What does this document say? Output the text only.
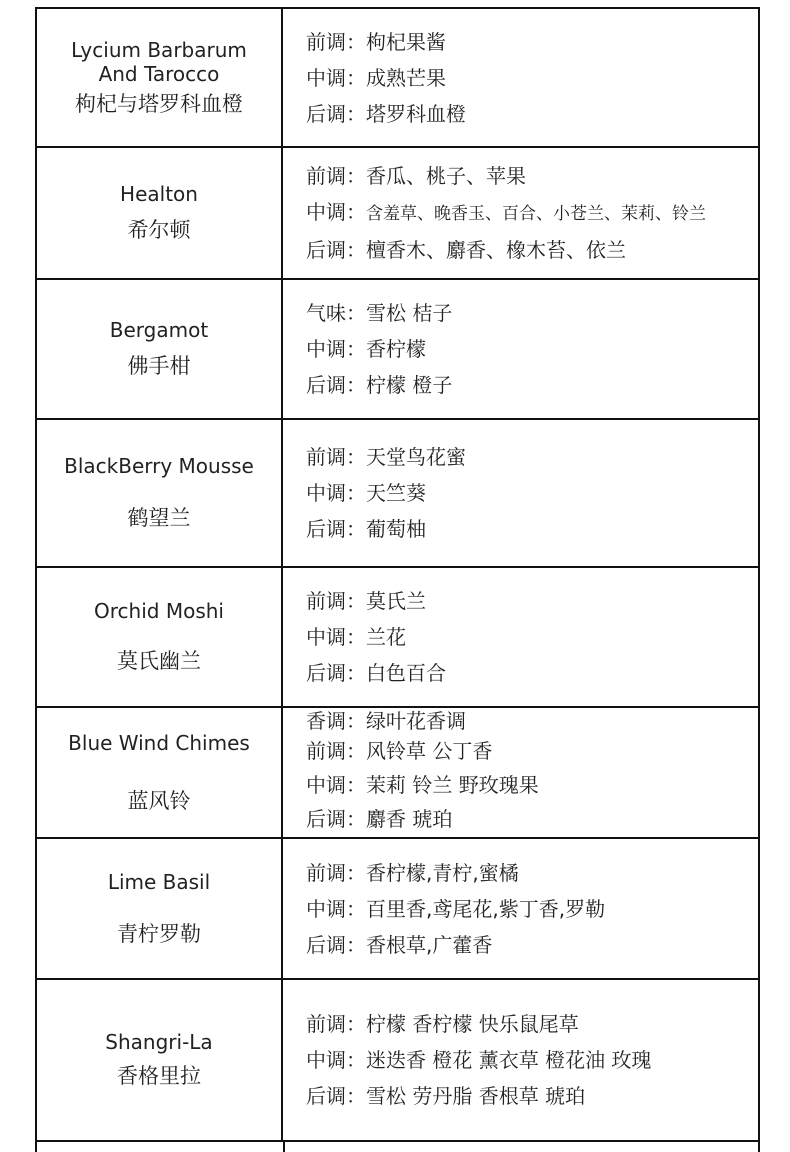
Lycium Barbarum
And Tarocco
枸杞与塔罗科血橙
前调：枸杞果酱
中调：成熟芒果
后调：塔罗科血橙
Healton
希尔顿
前调：香瓜、桃子、苹果
中调：含羞草、晚香玉、百合、小苍兰、茉莉、铃兰
后调：檀香木、麝香、橡木苔、依兰
Bergamot
佛手柑
气味：雪松 桔子
中调：香柠檬
后调：柠檬 橙子
BlackBerry Mousse
鹤望兰
前调：天堂鸟花蜜
中调：天竺葵
后调：葡萄柚
Orchid Moshi
莫氏幽兰
前调：莫氏兰
中调：兰花
后调：白色百合
Blue Wind Chimes
蓝风铃
香调：绿叶花香调
前调：风铃草 公丁香
中调：茉莉 铃兰 野玫瑰果
后调：麝香 琥珀
Lime Basil
青柠罗勒
前调：香柠檬,青柠,蜜橘
中调：百里香,鸢尾花,紫丁香,罗勒
后调：香根草,广藿香
Shangri-La
香格里拉
前调：柠檬 香柠檬 快乐鼠尾草
中调：迷迭香 橙花 薰衣草 橙花油 玫瑰
后调：雪松 劳丹脂 香根草 琥珀
